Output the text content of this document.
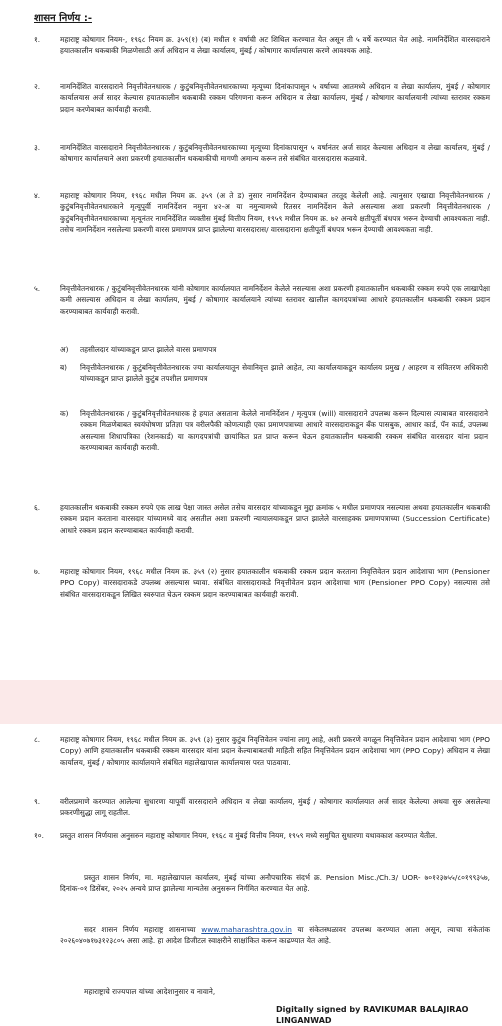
शासन निर्णय :-
१.	महाराष्ट्र कोषागार नियम-, १९६८ नियम क्र. ३५९(१) (ब) मधील १ वर्षाची अट शिथिल करण्यात येत असून ती ५ वर्षे करण्यात येत आहे. नामनिर्देशित वारसदाराने हयातकालीन थकबाकी मिळणेसाठी अर्ज अधिदान व लेखा कार्यालय, मुंबई / कोषागार कार्यालयास करणे आवश्यक आहे.
२.	नामनिर्देशित वारसदाराने निवृत्तीवेतनधारक / कुटुंबनिवृत्तीवेतनधारकाच्या मृत्यूच्या दिनांकापासून ५ वर्षाच्या आतमध्ये अधिदान व लेखा कार्यालय, मुंबई / कोषागार कार्यालयास अर्ज सादर केल्यास हयातकालीन थकबाकी रक्कम परिगणना करून अधिदान व लेखा कार्यालय, मुंबई / कोषागार कार्यालयानी त्यांच्या स्तरावर रक्कम प्रदान करणेबाबत कार्यवाही करावी.
३.	नामनिर्देशित वारसदाराने निवृत्तीवेतनधारक / कुटुंबनिवृत्तीवेतनधारकाच्या मृत्यूच्या दिनांकापासून ५ वर्षानंतर अर्ज सादर केल्यास अधिदान व लेखा कार्यालय, मुंबई / कोषागार कार्यालयाने अशा प्रकरणी हयातकालीन थकबाकीची मागणी अमान्य करून तसे संबंधित वारसदारास कळवावे.
४.	महाराष्ट्र कोषागार नियम, १९६८ मधील नियम क्र. ३५९ (अ ते ड) नुसार नामनिर्देशन देण्याबाबत तरतूद केलेली आहे. त्यानुसार एखाद्या निवृत्तीवेतनधारक / कुटुंबनिवृत्तीवेतनधारकाने मृत्यूपूर्वी नामनिर्देशन नमुना ४२-अ या नमुन्यामध्ये रितसर नामनिर्देशन केले असल्यास अशा प्रकरणी निवृत्तीवेतनधारक / कुटुंबनिवृत्तीवेतनधारकाच्या मृत्यूनंतर नामनिर्देशित व्यक्तीस मुंबई वित्तीय नियम, १९५९ मधील नियम क्र. ७२ अन्वये क्षतीपूर्ती बंधपत्र भरून देण्याची आवश्यकता नाही. तसेच नामनिर्देशन नसलेल्या प्रकरणी वारस प्रमाणपत्र प्राप्त झालेल्या वारसदारास/ वारसदाराना क्षतीपूर्ती बंधपत्र भरून देण्याची आवश्यकता नाही.
५.	निवृत्तीवेतनधारक / कुटुंबनिवृत्तीवेतनधारक यांनी कोषागार कार्यालयात नामनिर्देशन केलेले नसल्यास अशा प्रकरणी हयातकालीन थकबाकी रक्कम रुपये एक लाखापेक्षा कमी असल्यास अधिदान व लेखा कार्यालय, मुंबई / कोषागार कार्यालयाने त्यांच्या स्तरावर खालील कागदपत्रांच्या आधारे हयातकालीन थकबाकी रक्कम प्रदान करण्याबाबत कार्यवाही करावी.
अ) तहसीलदार यांच्याकडून प्राप्त झालेले वारस प्रमाणपत्र
ब) निवृत्तीवेतनधारक / कुटुंबनिवृत्तीवेतनधारक ज्या कार्यालयातून सेवानिवृत्त झाले आहेत, त्या कार्यालयाकडून कार्यालय प्रमुख / आहरण व संवितरण अधिकारी यांच्याकडून प्राप्त झालेले कुटुंब तपशील प्रमाणपत्र
क) निवृत्तीवेतनधारक / कुटुंबनिवृत्तीवेतनधारक हे हयात असताना केलेले नामनिर्देशन / मृत्युपत्र (will) वारसदाराने उपलब्ध करून दिल्यास त्याबाबत वारसदाराने रक्कम मिळणेबाबत स्वयंघोषणा प्रतिज्ञा पत्र वरीलपैकी कोणत्याही एका प्रमाणपत्राच्या आधारे वारसदाराकडून बँक पासबुक, आधार कार्ड, पॅन कार्ड, उपलब्ध असल्यास शिधापत्रिका (रेशनकार्ड) या कागदपत्रांची छायांकित प्रत प्राप्त करून घेऊन हयातकालीन थकबाकी रक्कम संबंधित वारसदार यांना प्रदान करण्याबाबत कार्यवाही करावी.
६.	हयातकालीन थकबाकी रक्कम रुपये एक लाख पेक्षा जास्त असेल तसेच वारसदार यांच्याकडून मुद्दा क्रमांक ५ मधील प्रमाणपत्र नसल्यास अथवा हयातकालीन थकबाकी रक्कम प्रदान करताना वारसदार यांच्यामध्ये वाद असतील अशा प्रकरणी न्यायालयाकडून प्राप्त झालेले वारसाहक्क प्रमाणपत्राच्या (Succession Certificate) आधारे रक्कम प्रदान करण्याबाबत कार्यवाही करावी.
७.	महाराष्ट्र कोषागार नियम, १९६८ मधील नियम क्र. ३५९ (२) नुसार हयातकालीन थकबाकी रक्कम प्रदान करताना निवृत्तिवेतन प्रदान आदेशाचा भाग (Pensioner PPO Copy) वारसदाराकडे उपलब्ध असल्यास घ्यावा. संबंधित वारसदाराकडे निवृत्तीवेतन प्रदान आदेशाचा भाग (Pensioner PPO Copy) नसल्यास तसे संबंधित वारसदाराकडून लिखित स्वरुपात घेऊन रक्कम प्रदान करण्याबाबत कार्यवाही करावी.
८.	महाराष्ट्र कोषागार नियम, १९६८ मधील नियम क्र. ३५९ (३) नुसार कुटुंब निवृत्तिवेतन ज्यांना लागू आहे, अशी प्रकरणे वगळून निवृत्तिवेतन प्रदान आदेशाचा भाग (PPO Copy) आणि हयातकालीन थकबाकी रक्कम वारसदार यांना प्रदान केल्याबाबतची माहिती सहित निवृत्तिवेतन प्रदान आदेशाचा भाग (PPO Copy) अधिदान व लेखा कार्यालय, मुंबई / कोषागार कार्यालयाने संबंधित महालेखापाल कार्यालयास परत पाठवावा.
९.	वरीलप्रमाणे करण्यात आलेल्या सुधारणा यापूर्वी वारसदाराने अधिदान व लेखा कार्यालय, मुंबई / कोषागार कार्यालयात अर्ज सादर केलेल्या अथवा सुरु असलेल्या प्रकरणीसुद्धा लागू राहतील.
१०. प्रस्तुत शासन निर्णयास अनुसरुन महाराष्ट्र कोषागार नियम, १९६८ व मुंबई वित्तीय नियम, १९५९ मध्ये समुचित सुधारणा यथावकाश करण्यात येतील.
प्रस्तुत शासन निर्णय, मा. महालेखापाल कार्यालय, मुंबई यांच्या अनौपचारिक संदर्भ क्र. Pension Misc./Ch.3/ UOR- ७०१२३७५५/८०१९९३५७, दिनांक-०१ डिसेंबर, २०२५ अन्वये प्राप्त झालेल्या मान्यतेस अनुसरून निर्गमित करण्यात येत आहे.
सदर शासन निर्णय महाराष्ट्र शासनाच्या www.maharashtra.gov.in या संकेतस्थळावर उपलब्ध करण्यात आला असून, त्याचा संकेतांक २०२६०४०७१७३१२३८०५ असा आहे. हा आदेश डिजीटल स्वाक्षरीने साक्षांकित करून काढण्यात येत आहे.
महाराष्ट्राचे राज्यपाल यांच्या आदेशानुसार व नावाने,
Digitally signed by RAVIKUMAR BALAJIRAO LINGANWAD
